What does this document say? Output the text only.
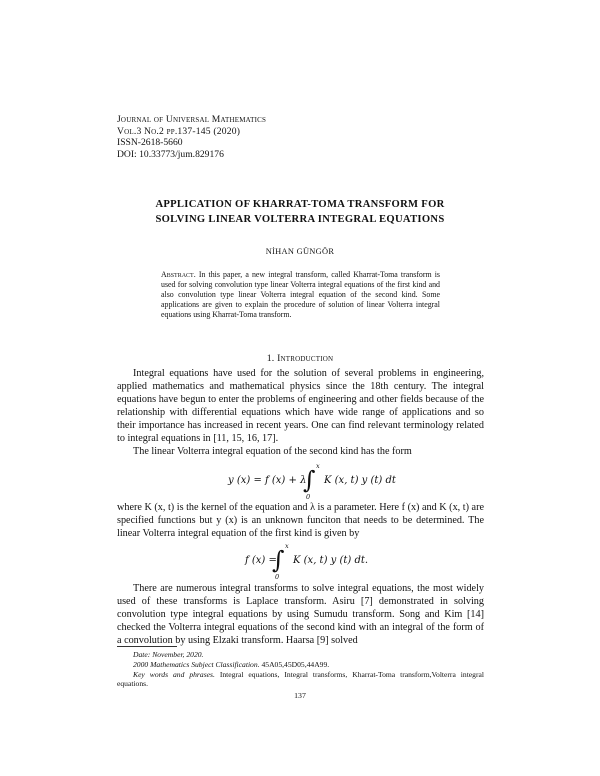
Journal of Universal Mathematics
Vol.3 No.2 pp.137-145 (2020)
ISSN-2618-5660
DOI: 10.33773/jum.829176
APPLICATION OF KHARRAT-TOMA TRANSFORM FOR
SOLVING LINEAR VOLTERRA INTEGRAL EQUATIONS
NİHAN GÜNGÖR
Abstract. In this paper, a new integral transform, called Kharrat-Toma transform is used for solving convolution type linear Volterra integral equations of the first kind and also convolution type linear Volterra integral equation of the second kind. Some applications are given to explain the procedure of solution of linear Volterra integral equations using Kharrat-Toma transform.
1. Introduction
Integral equations have used for the solution of several problems in engineering, applied mathematics and mathematical physics since the 18th century. The integral equations have begun to enter the problems of engineering and other fields because of the relationship with differential equations which have wide range of applications and so their importance has increased in recent years. One can find relevant terminology related to integral equations in [11, 15, 16, 17].
The linear Volterra integral equation of the second kind has the form
y (x) = f (x) + λ
x
∫
0
K (x, t) y (t) dt
where K (x, t) is the kernel of the equation and λ is a parameter. Here f (x) and K (x, t) are specified functions but y (x) is an unknown funciton that needs to be determined. The linear Volterra integral equation of the first kind is given by
f (x) =
x
∫
0
K (x, t) y (t) dt.
There are numerous integral transforms to solve integral equations, the most widely used of these transforms is Laplace transform. Asiru [7] demonstrated in solving convolution type integral equations by using Sumudu transform. Song and Kim [14] checked the Volterra integral equations of the second kind with an integral of the form of a convolution by using Elzaki transform. Haarsa [9] solved
Date: November, 2020.
2000 Mathematics Subject Classification. 45A05,45D05,44A99.
Key words and phrases. Integral equations, Integral transforms, Kharrat-Toma transform,Volterra integral equations.
137
